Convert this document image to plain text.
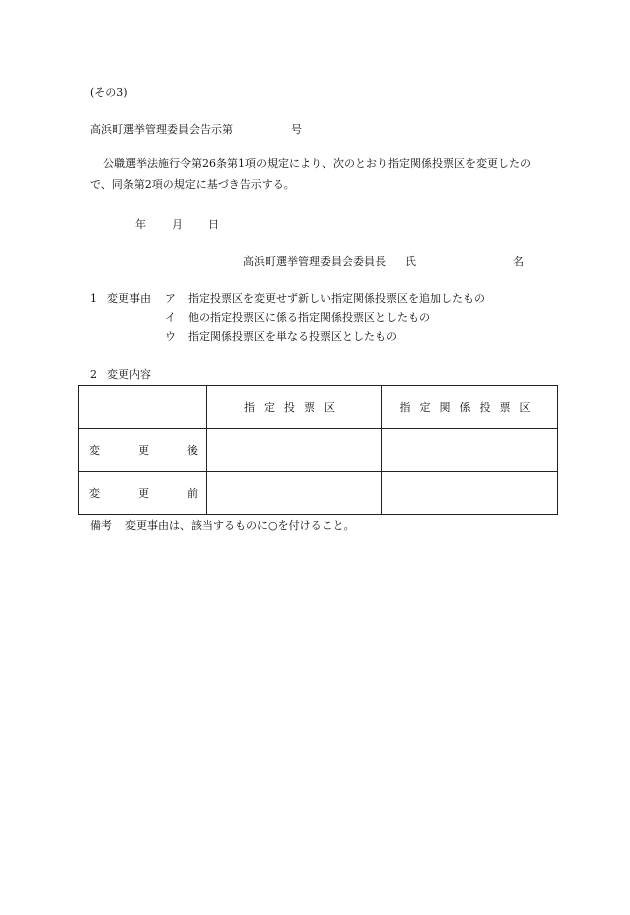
(その3)
高浜町選挙管理委員会告示第	号
公職選挙法施行令第26条第1項の規定により、次のとおり指定関係投票区を変更したの
で、同条第2項の規定に基づき告示する。
年 月 日
高浜町選挙管理委員会委員長 氏	名
1 変更事由 ア 指定投票区を変更せず新しい指定関係投票区を追加したもの
イ 他の指定投票区に係る指定関係投票区としたもの
ウ 指定関係投票区を単なる投票区としたもの
2 変更内容
	指定投票区	指定関係投票区

変 更 後		

変 更 前		

備考 変更事由は、該当するものに○を付けること。
